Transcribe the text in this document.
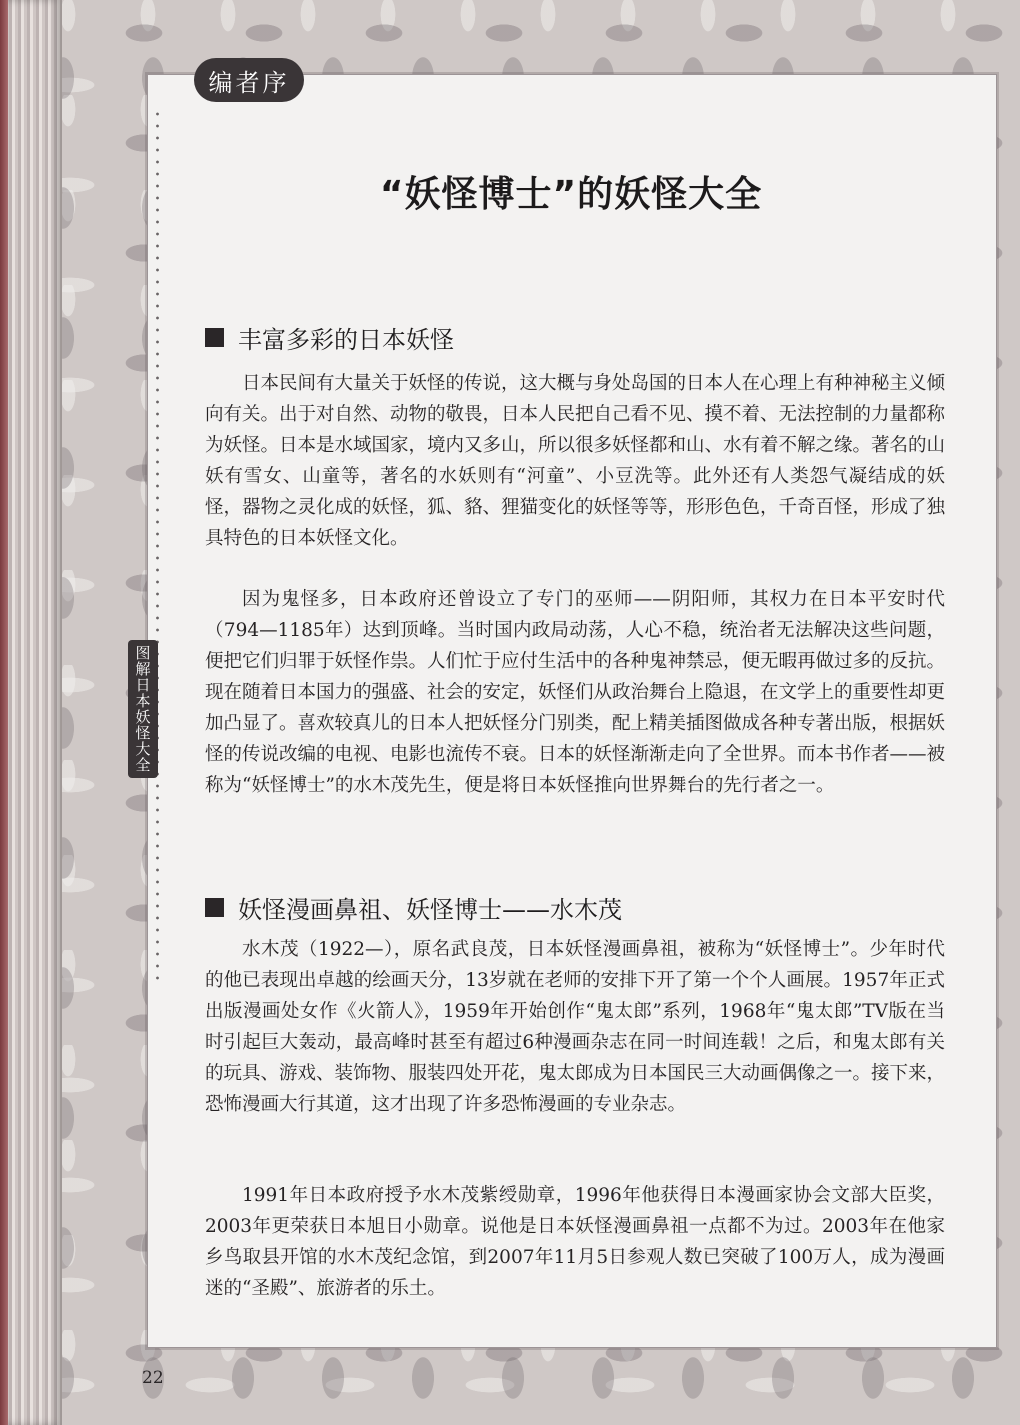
编者序
“妖怪博士”的妖怪大全
丰富多彩的日本妖怪

日本民间有大量关于妖怪的传说，这大概与身处岛国的日本人在心理上有种神秘主义倾向有关。出于对自然、动物的敬畏，日本人民把自己看不见、摸不着、无法控制的力量都称为妖怪。日本是水域国家，境内又多山，所以很多妖怪都和山、水有着不解之缘。著名的山妖有雪女、山童等，著名的水妖则有“河童”、小豆洗等。此外还有人类怨气凝结成的妖怪，器物之灵化成的妖怪，狐、貉、狸猫变化的妖怪等等，形形色色，千奇百怪，形成了独具特色的日本妖怪文化。

因为鬼怪多，日本政府还曾设立了专门的巫师——阴阳师，其权力在日本平安时代（794—1185年）达到顶峰。当时国内政局动荡，人心不稳，统治者无法解决这些问题，便把它们归罪于妖怪作祟。人们忙于应付生活中的各种鬼神禁忌，便无暇再做过多的反抗。现在随着日本国力的强盛、社会的安定，妖怪们从政治舞台上隐退，在文学上的重要性却更加凸显了。喜欢较真儿的日本人把妖怪分门别类，配上精美插图做成各种专著出版，根据妖怪的传说改编的电视、电影也流传不衰。日本的妖怪渐渐走向了全世界。而本书作者——被称为“妖怪博士”的水木茂先生，便是将日本妖怪推向世界舞台的先行者之一。

妖怪漫画鼻祖、妖怪博士——水木茂

水木茂（1922—），原名武良茂，日本妖怪漫画鼻祖，被称为“妖怪博士”。少年时代的他已表现出卓越的绘画天分，13岁就在老师的安排下开了第一个个人画展。1957年正式出版漫画处女作《火箭人》，1959年开始创作“鬼太郎”系列，1968年“鬼太郎”TV版在当时引起巨大轰动，最高峰时甚至有超过6种漫画杂志在同一时间连载！之后，和鬼太郎有关的玩具、游戏、装饰物、服装四处开花，鬼太郎成为日本国民三大动画偶像之一。接下来，恐怖漫画大行其道，这才出现了许多恐怖漫画的专业杂志。

1991年日本政府授予水木茂紫绶勋章，1996年他获得日本漫画家协会文部大臣奖，2003年更荣获日本旭日小勋章。说他是日本妖怪漫画鼻祖一点都不为过。2003年在他家乡鸟取县开馆的水木茂纪念馆，到2007年11月5日参观人数已突破了100万人，成为漫画迷的“圣殿”、旅游者的乐土。

图解日本妖怪大全
22
